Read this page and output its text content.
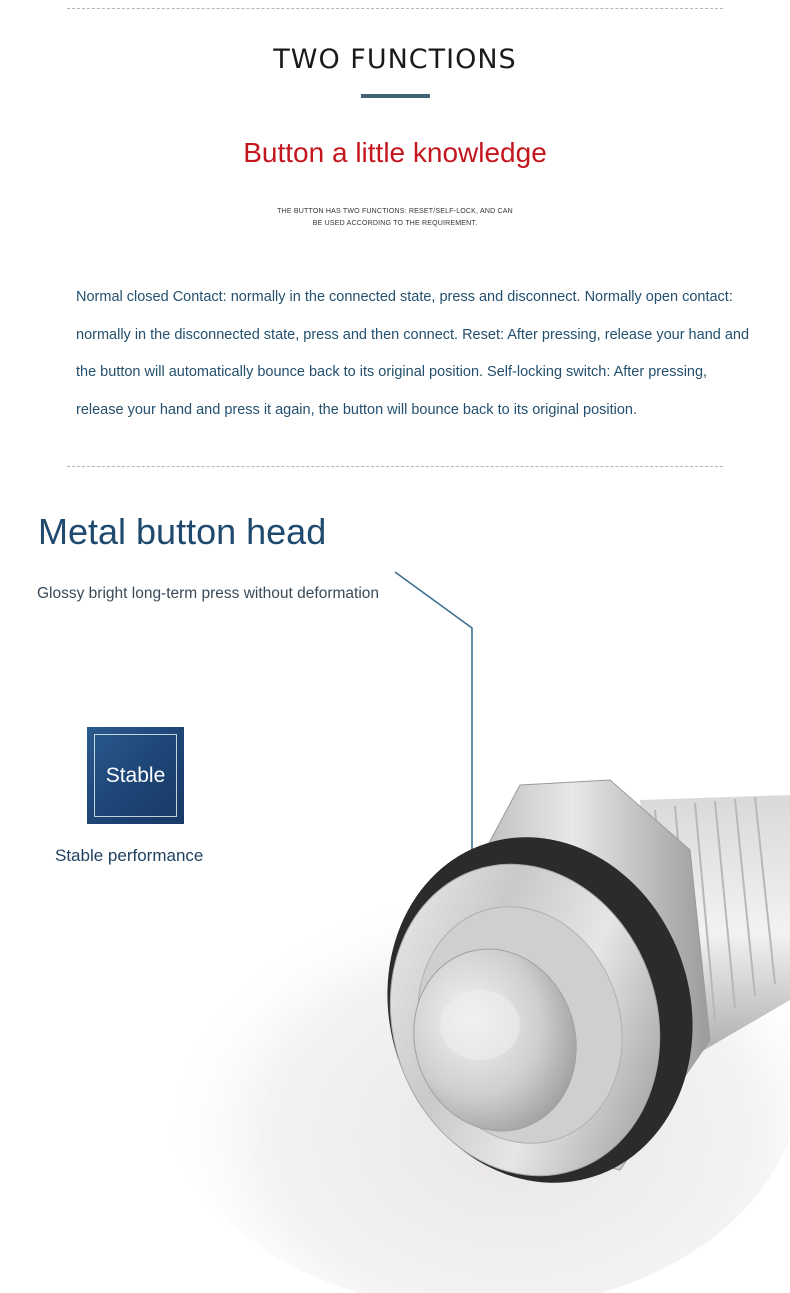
TWO FUNCTIONS
Button a little knowledge
THE BUTTON HAS TWO FUNCTIONS: RESET/SELF-LOCK, AND CAN
BE USED ACCORDING TO THE REQUIREMENT.
Normal closed Contact: normally in the connected state, press and disconnect. Normally open contact: normally in the disconnected state, press and then connect. Reset: After pressing, release your hand and the button will automatically bounce back to its original position. Self-locking switch: After pressing, release your hand and press it again, the button will bounce back to its original position.
Metal button head
Glossy bright long-term press without deformation
Stable
Stable performance
